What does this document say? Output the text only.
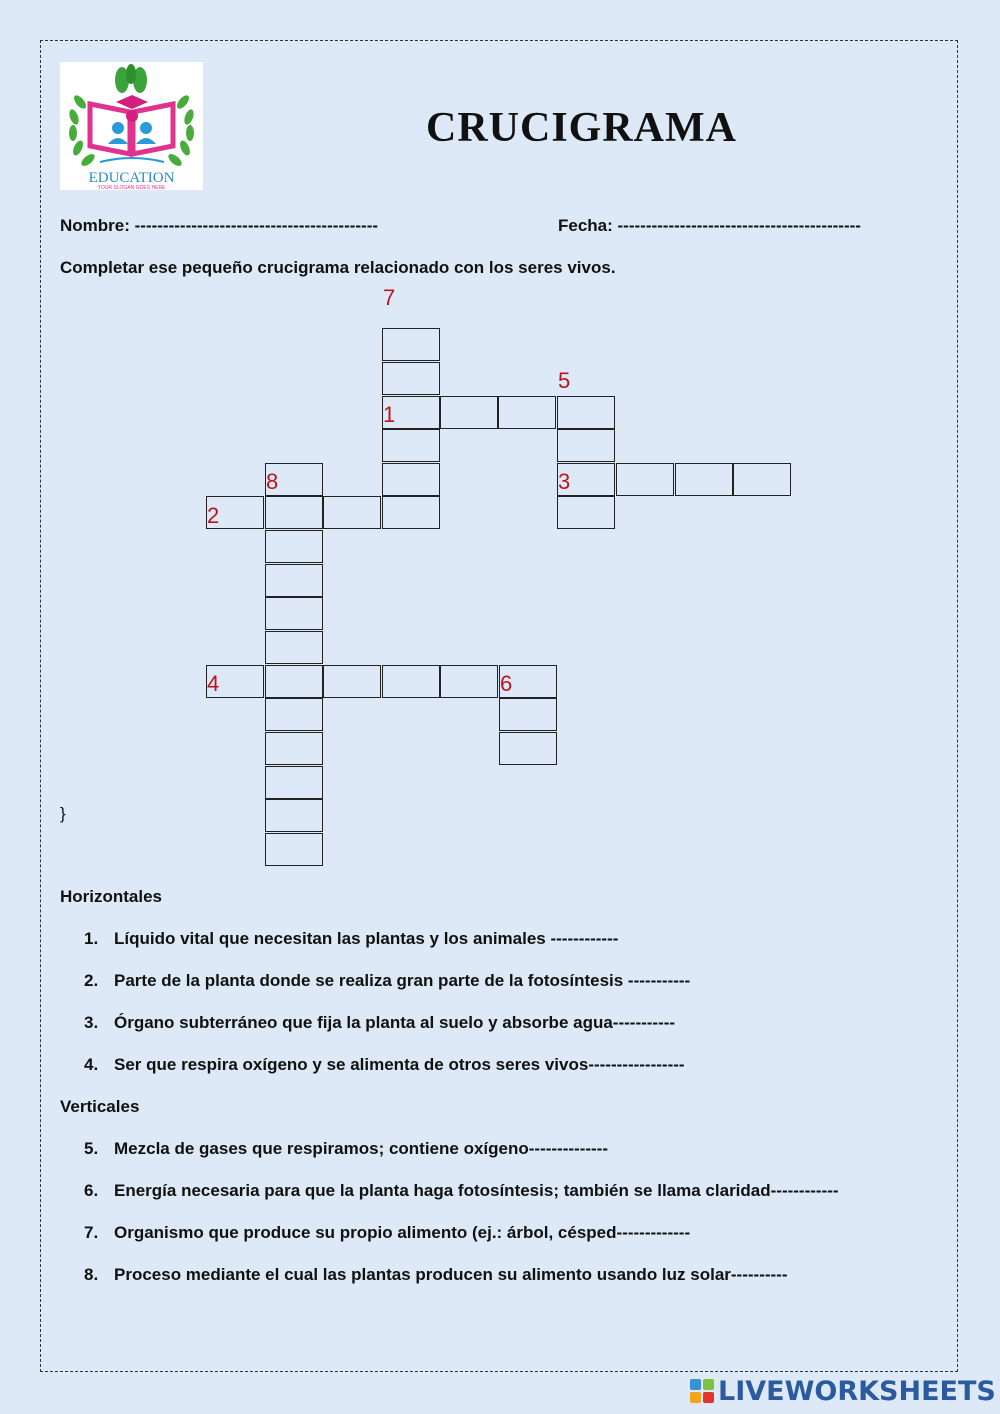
EDUCATION
YOUR SLOGAN GOES HERE
CRUCIGRAMA
Nombre: -------------------------------------------	Fecha: -------------------------------------------
Completar ese pequeño crucigrama relacionado con los seres vivos.
7
5
1
8	3
2
4	6
}
Horizontales
1. Líquido vital que necesitan las plantas y los animales ------------
2. Parte de la planta donde se realiza gran parte de la fotosíntesis -----------
3. Órgano subterráneo que fija la planta al suelo y absorbe agua-----------
4. Ser que respira oxígeno y se alimenta de otros seres vivos-----------------
Verticales
5. Mezcla de gases que respiramos; contiene oxígeno--------------
6. Energía necesaria para que la planta haga fotosíntesis; también se llama claridad------------
7. Organismo que produce su propio alimento (ej.: árbol, césped-------------
8. Proceso mediante el cual las plantas producen su alimento usando luz solar----------
LIVEWORKSHEETS
